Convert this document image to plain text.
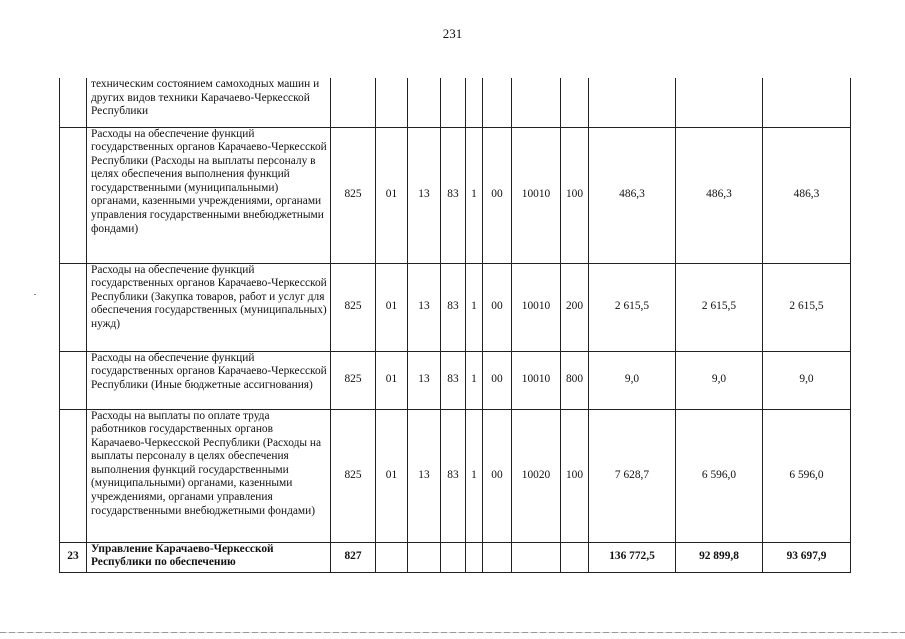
231
	техническим состоянием самоходных машин и других видов техники Карачаево-Черкесской Республики											
	Расходы на обеспечение функций государственных органов Карачаево-Черкесской Республики (Расходы на выплаты персоналу в целях обеспечения выполнения функций государственными (муниципальными) органами, казенными учреждениями, органами управления государственными внебюджетными фондами)	825	01	13	83	1	00	10010	100	486,3	486,3	486,3
	Расходы на обеспечение функций государственных органов Карачаево-Черкесской Республики (Закупка товаров, работ и услуг для обеспечения государственных (муниципальных) нужд)	825	01	13	83	1	00	10010	200	2 615,5	2 615,5	2 615,5
	Расходы на обеспечение функций государственных органов Карачаево-Черкесской Республики (Иные бюджетные ассигнования)	825	01	13	83	1	00	10010	800	9,0	9,0	9,0
	Расходы на выплаты по оплате труда работников государственных органов Карачаево-Черкесской Республики (Расходы на выплаты персоналу в целях обеспечения выполнения функций государственными (муниципальными) органами, казенными учреждениями, органами управления государственными внебюджетными фондами)	825	01	13	83	1	00	10020	100	7 628,7	6 596,0	6 596,0
23	Управление Карачаево-Черкесской Республики по обеспечению	827								136 772,5	92 899,8	93 697,9
